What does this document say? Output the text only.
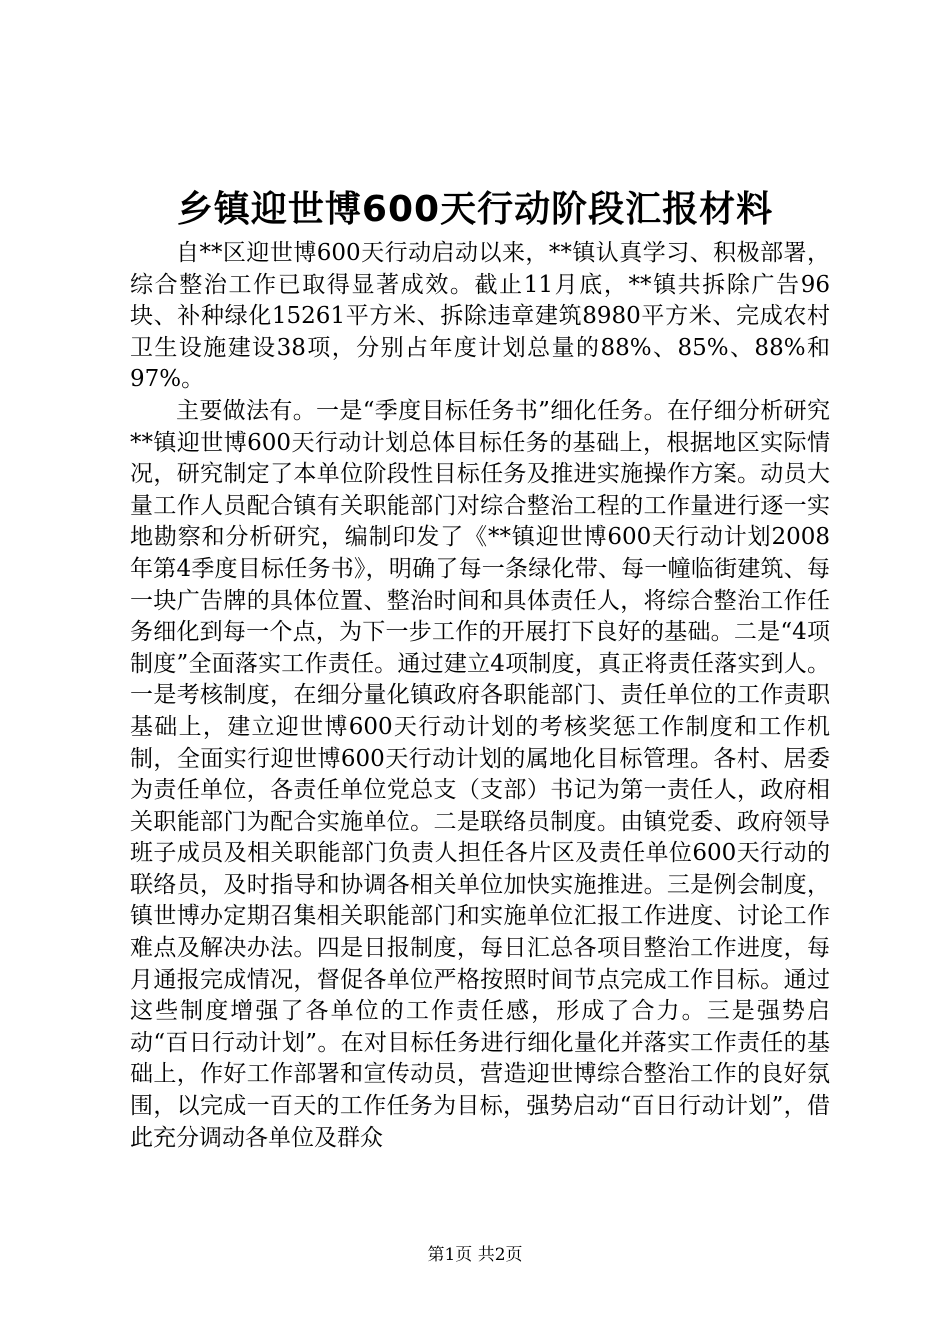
乡镇迎世博600天行动阶段汇报材料

自**区迎世博600天行动启动以来，**镇认真学习、积极部署，综合整治工作已取得显著成效。截止11月底，**镇共拆除广告96块、补种绿化15261平方米、拆除违章建筑8980平方米、完成农村卫生设施建设38项，分别占年度计划总量的88%、85%、88%和97%。

主要做法有。一是“季度目标任务书”细化任务。在仔细分析研究**镇迎世博600天行动计划总体目标任务的基础上，根据地区实际情况，研究制定了本单位阶段性目标任务及推进实施操作方案。动员大量工作人员配合镇有关职能部门对综合整治工程的工作量进行逐一实地勘察和分析研究，编制印发了《**镇迎世博600天行动计划2008年第4季度目标任务书》，明确了每一条绿化带、每一幢临街建筑、每一块广告牌的具体位置、整治时间和具体责任人，将综合整治工作任务细化到每一个点，为下一步工作的开展打下良好的基础。二是“4项制度”全面落实工作责任。通过建立4项制度，真正将责任落实到人。一是考核制度，在细分量化镇政府各职能部门、责任单位的工作责职基础上，建立迎世博600天行动计划的考核奖惩工作制度和工作机制，全面实行迎世博600天行动计划的属地化目标管理。各村、居委为责任单位，各责任单位党总支（支部）书记为第一责任人，政府相关职能部门为配合实施单位。二是联络员制度。由镇党委、政府领导班子成员及相关职能部门负责人担任各片区及责任单位600天行动的联络员，及时指导和协调各相关单位加快实施推进。三是例会制度，镇世博办定期召集相关职能部门和实施单位汇报工作进度、讨论工作难点及解决办法。四是日报制度，每日汇总各项目整治工作进度，每月通报完成情况，督促各单位严格按照时间节点完成工作目标。通过这些制度增强了各单位的工作责任感，形成了合力。三是强势启动“百日行动计划”。在对目标任务进行细化量化并落实工作责任的基础上，作好工作部署和宣传动员，营造迎世博综合整治工作的良好氛围，以完成一百天的工作任务为目标，强势启动“百日行动计划”，借此充分调动各单位及群众

第1页 共2页
